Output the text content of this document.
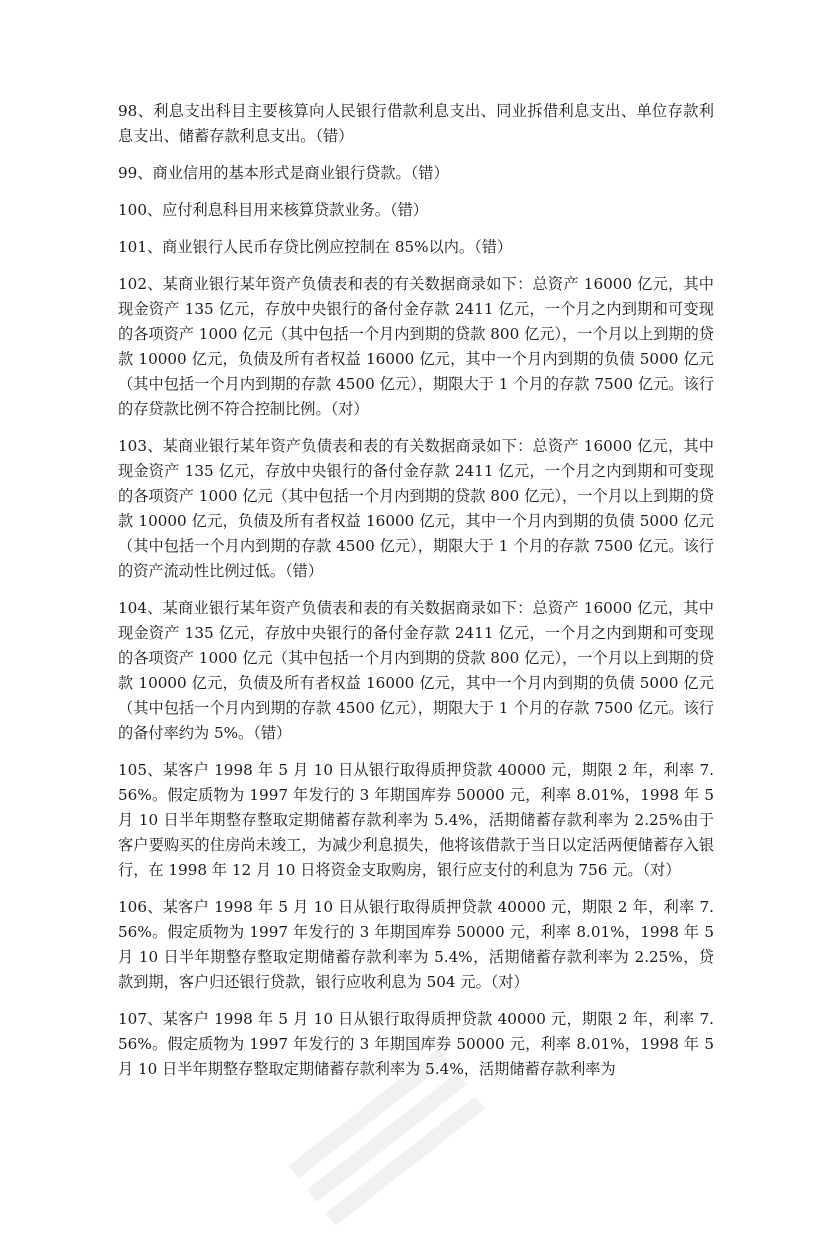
98、利息支出科目主要核算向人民银行借款利息支出、同业拆借利息支出、单位存款利息支出、储蓄存款利息支出。（错）

99、商业信用的基本形式是商业银行贷款。（错）

100、应付利息科目用来核算贷款业务。（错）

101、商业银行人民币存贷比例应控制在 85%以内。（错）

102、某商业银行某年资产负债表和表的有关数据商录如下：总资产 16000 亿元，其中现金资产 135 亿元，存放中央银行的备付金存款 2411 亿元，一个月之内到期和可变现的各项资产 1000 亿元（其中包括一个月内到期的贷款 800 亿元），一个月以上到期的贷款 10000 亿元，负债及所有者权益 16000 亿元，其中一个月内到期的负债 5000 亿元（其中包括一个月内到期的存款 4500 亿元），期限大于 1 个月的存款 7500 亿元。该行的存贷款比例不符合控制比例。（对）

103、某商业银行某年资产负债表和表的有关数据商录如下：总资产 16000 亿元，其中现金资产 135 亿元，存放中央银行的备付金存款 2411 亿元，一个月之内到期和可变现的各项资产 1000 亿元（其中包括一个月内到期的贷款 800 亿元），一个月以上到期的贷款 10000 亿元，负债及所有者权益 16000 亿元，其中一个月内到期的负债 5000 亿元（其中包括一个月内到期的存款 4500 亿元），期限大于 1 个月的存款 7500 亿元。该行的资产流动性比例过低。（错）

104、某商业银行某年资产负债表和表的有关数据商录如下：总资产 16000 亿元，其中现金资产 135 亿元，存放中央银行的备付金存款 2411 亿元，一个月之内到期和可变现的各项资产 1000 亿元（其中包括一个月内到期的贷款 800 亿元），一个月以上到期的贷款 10000 亿元，负债及所有者权益 16000 亿元，其中一个月内到期的负债 5000 亿元（其中包括一个月内到期的存款 4500 亿元），期限大于 1 个月的存款 7500 亿元。该行的备付率约为 5%。（错）

105、某客户 1998 年 5 月 10 日从银行取得质押贷款 40000 元，期限 2 年，利率 7.56%。假定质物为 1997 年发行的 3 年期国库券 50000 元，利率 8.01%，1998 年 5 月 10 日半年期整存整取定期储蓄存款利率为 5.4%，活期储蓄存款利率为 2.25%由于客户要购买的住房尚未竣工，为减少利息损失，他将该借款于当日以定活两便储蓄存入银行，在 1998 年 12 月 10 日将资金支取购房，银行应支付的利息为 756 元。（对）

106、某客户 1998 年 5 月 10 日从银行取得质押贷款 40000 元，期限 2 年，利率 7.56%。假定质物为 1997 年发行的 3 年期国库券 50000 元，利率 8.01%，1998 年 5 月 10 日半年期整存整取定期储蓄存款利率为 5.4%，活期储蓄存款利率为 2.25%，贷款到期，客户归还银行贷款，银行应收利息为 504 元。（对）

107、某客户 1998 年 5 月 10 日从银行取得质押贷款 40000 元，期限 2 年，利率 7.56%。假定质物为 1997 年发行的 3 年期国库券 50000 元，利率 8.01%，1998 年 5 月 10 日半年期整存整取定期储蓄存款利率为 5.4%，活期储蓄存款利率为
